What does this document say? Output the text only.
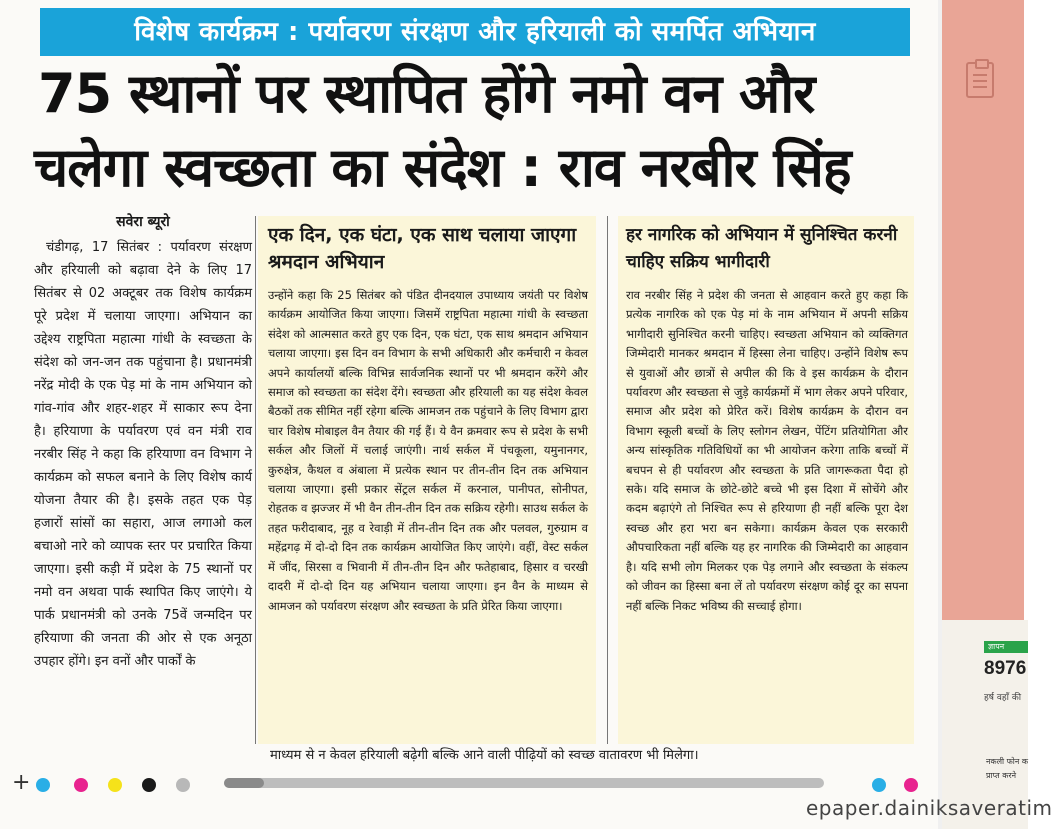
विशेष कार्यक्रम : पर्यावरण संरक्षण और हरियाली को समर्पित अभियान
75 स्थानों पर स्थापित होंगे नमो वन और
चलेगा स्वच्छता का संदेश : राव नरबीर सिंह
सवेरा ब्यूरो

चंडीगढ़, 17 सितंबर : पर्यावरण संरक्षण और हरियाली को बढ़ावा देने के लिए 17 सितंबर से 02 अक्टूबर तक विशेष कार्यक्रम पूरे प्रदेश में चलाया जाएगा। अभियान का उद्देश्य राष्ट्रपिता महात्मा गांधी के स्वच्छता के संदेश को जन-जन तक पहुंचाना है। प्रधानमंत्री नरेंद्र मोदी के एक पेड़ मां के नाम अभियान को गांव-गांव और शहर-शहर में साकार रूप देना है। हरियाणा के पर्यावरण एवं वन मंत्री राव नरबीर सिंह ने कहा कि हरियाणा वन विभाग ने कार्यक्रम को सफल बनाने के लिए विशेष कार्य योजना तैयार की है। इसके तहत एक पेड़ हजारों सांसों का सहारा, आज लगाओ कल बचाओ नारे को व्यापक स्तर पर प्रचारित किया जाएगा। इसी कड़ी में प्रदेश के 75 स्थानों पर नमो वन अथवा पार्क स्थापित किए जाएंगे। ये पार्क प्रधानमंत्री को उनके 75वें जन्मदिन पर हरियाणा की जनता की ओर से एक अनूठा उपहार होंगे। इन वनों और पार्कों के

एक दिन, एक घंटा, एक साथ चलाया जाएगा श्रमदान अभियान
उन्होंने कहा कि 25 सितंबर को पंडित दीनदयाल उपाध्याय जयंती पर विशेष कार्यक्रम आयोजित किया जाएगा। जिसमें राष्ट्रपिता महात्मा गांधी के स्वच्छता संदेश को आत्मसात करते हुए एक दिन, एक घंटा, एक साथ श्रमदान अभियान चलाया जाएगा। इस दिन वन विभाग के सभी अधिकारी और कर्मचारी न केवल अपने कार्यालयों बल्कि विभिन्न सार्वजनिक स्थानों पर भी श्रमदान करेंगे और समाज को स्वच्छता का संदेश देंगे। स्वच्छता और हरियाली का यह संदेश केवल बैठकों तक सीमित नहीं रहेगा बल्कि आमजन तक पहुंचाने के लिए विभाग द्वारा चार विशेष मोबाइल वैन तैयार की गई हैं। ये वैन क्रमवार रूप से प्रदेश के सभी सर्कल और जिलों में चलाई जाएंगी। नार्थ सर्कल में पंचकूला, यमुनानगर, कुरुक्षेत्र, कैथल व अंबाला में प्रत्येक स्थान पर तीन-तीन दिन तक अभियान चलाया जाएगा। इसी प्रकार सेंट्रल सर्कल में करनाल, पानीपत, सोनीपत, रोहतक व झज्जर में भी वैन तीन-तीन दिन तक सक्रिय रहेगी। साउथ सर्कल के तहत फरीदाबाद, नूह व रेवाड़ी में तीन-तीन दिन तक और पलवल, गुरुग्राम व महेंद्रगढ़ में दो-दो दिन तक कार्यक्रम आयोजित किए जाएंगे। वहीं, वेस्ट सर्कल में जींद, सिरसा व भिवानी में तीन-तीन दिन और फतेहाबाद, हिसार व चरखी दादरी में दो-दो दिन यह अभियान चलाया जाएगा। इन वैन के माध्यम से आमजन को पर्यावरण संरक्षण और स्वच्छता के प्रति प्रेरित किया जाएगा।
हर नागरिक को अभियान में सुनिश्चित करनी चाहिए सक्रिय भागीदारी
राव नरबीर सिंह ने प्रदेश की जनता से आहवान करते हुए कहा कि प्रत्येक नागरिक को एक पेड़ मां के नाम अभियान में अपनी सक्रिय भागीदारी सुनिश्चित करनी चाहिए। स्वच्छता अभियान को व्यक्तिगत जिम्मेदारी मानकर श्रमदान में हिस्सा लेना चाहिए। उन्होंने विशेष रूप से युवाओं और छात्रों से अपील की कि वे इस कार्यक्रम के दौरान पर्यावरण और स्वच्छता से जुड़े कार्यक्रमों में भाग लेकर अपने परिवार, समाज और प्रदेश को प्रेरित करें। विशेष कार्यक्रम के दौरान वन विभाग स्कूली बच्चों के लिए स्लोगन लेखन, पेंटिंग प्रतियोगिता और अन्य सांस्कृतिक गतिविधियों का भी आयोजन करेगा ताकि बच्चों में बचपन से ही पर्यावरण और स्वच्छता के प्रति जागरूकता पैदा हो सके। यदि समाज के छोटे-छोटे बच्चे भी इस दिशा में सोचेंगे और कदम बढ़ाएंगे तो निश्चित रूप से हरियाणा ही नहीं बल्कि पूरा देश स्वच्छ और हरा भरा बन सकेगा। कार्यक्रम केवल एक सरकारी औपचारिकता नहीं बल्कि यह हर नागरिक की जिम्मेदारी का आहवान है। यदि सभी लोग मिलकर एक पेड़ लगाने और स्वच्छता के संकल्प को जीवन का हिस्सा बना लें तो पर्यावरण संरक्षण कोई दूर का सपना नहीं बल्कि निकट भविष्य की सच्चाई होगा।
माध्यम से न केवल हरियाली बढ़ेगी बल्कि आने वाली पीढ़ियों को स्वच्छ वातावरण भी मिलेगा।
ज्ञापन
8976
हर्ष वहाँ की
नकली फोन क
प्राप्त करने
+
epaper.dainiksaveratim
